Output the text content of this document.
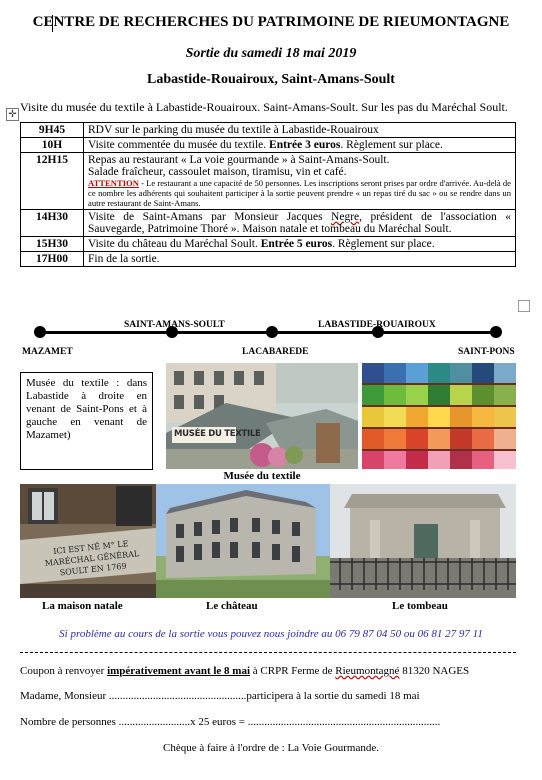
CENTRE DE RECHERCHES DU PATRIMOINE DE RIEUMONTAGNE
Sortie du samedi 18 mai 2019
Labastide-Rouairoux, Saint-Amans-Soult
✛
Visite du musée du textile à Labastide-Rouairoux. Saint-Amans-Soult. Sur les pas du Maréchal Soult.
9H45	RDV sur le parking du musée du textile à Labastide-Rouairoux
10H	Visite commentée du musée du textile. Entrée 3 euros. Règlement sur place.
12H15	Repas au restaurant « La voie gourmande » à Saint-Amans-Soult.
Salade fraîcheur, cassoulet maison, tiramisu, vin et café.
ATTENTION - Le restaurant a une capacité de 50 personnes. Les inscriptions seront prises par ordre d'arrivée. Au-delà de ce nombre les adhérents qui souhaitent participer à la sortie peuvent prendre « un repas tiré du sac » ou se rendre dans un autre restaurant de Saint-Amans.

14H30	Visite de Saint-Amans par Monsieur Jacques Negre, président de l'association « Sauvegarde, Patrimoine Thoré ». Maison natale et tombeau du Maréchal Soult.
15H30	Visite du château du Maréchal Soult. Entrée 5 euros. Règlement sur place.
17H00	Fin de la sortie.
MAZAMET
SAINT-AMANS-SOULT
LACABAREDE
LABASTIDE-ROUAIROUX
SAINT-PONS
Musée du textile : dans Labastide à droite en venant de Saint-Pons et à gauche en venant de Mazamet)	MUSÉE DU TEXTILE
Musée du textile
ICI EST NÉ M° LE MARÉCHAL GÉNÉRAL SOULT EN 1769
La maison natale	Le château	Le tombeau
Si problème au cours de la sortie vous pouvez nous joindre au 06 79 87 04 50 ou 06 81 27 97 11
Coupon à renvoyer impérativement avant le 8 mai à CRPR Ferme de Rieumontagné 81320 NAGES
Madame, Monsieur ..................................................participera à la sortie du samedi 18 mai
Nombre de personnes ..........................x 25 euros = ......................................................................
Chèque à faire à l'ordre de : La Voie Gourmande.
